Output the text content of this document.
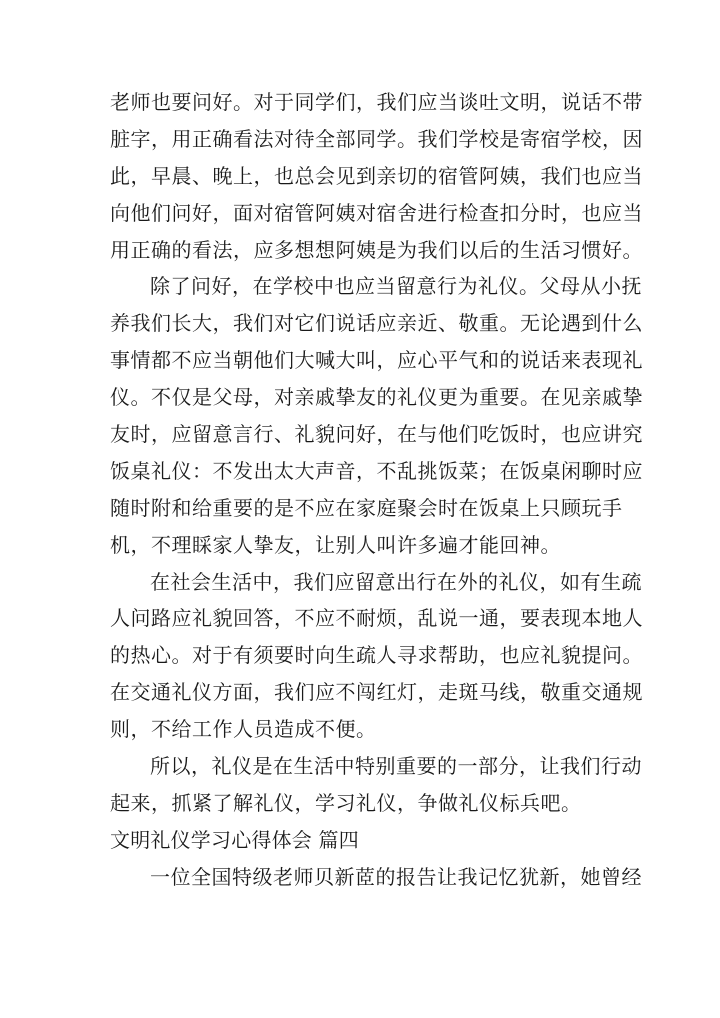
老师也要问好。对于同学们，我们应当谈吐文明，说话不带
脏字，用正确看法对待全部同学。我们学校是寄宿学校，因
此，早晨、晚上，也总会见到亲切的宿管阿姨，我们也应当
向他们问好，面对宿管阿姨对宿舍进行检查扣分时，也应当
用正确的看法，应多想想阿姨是为我们以后的生活习惯好。
除了问好，在学校中也应当留意行为礼仪。父母从小抚
养我们长大，我们对它们说话应亲近、敬重。无论遇到什么
事情都不应当朝他们大喊大叫，应心平气和的说话来表现礼
仪。不仅是父母，对亲戚挚友的礼仪更为重要。在见亲戚挚
友时，应留意言行、礼貌问好，在与他们吃饭时，也应讲究
饭桌礼仪：不发出太大声音，不乱挑饭菜；在饭桌闲聊时应
随时附和给重要的是不应在家庭聚会时在饭桌上只顾玩手
机，不理睬家人挚友，让别人叫许多遍才能回神。
在社会生活中，我们应留意出行在外的礼仪，如有生疏
人问路应礼貌回答，不应不耐烦，乱说一通，要表现本地人
的热心。对于有须要时向生疏人寻求帮助，也应礼貌提问。
在交通礼仪方面，我们应不闯红灯，走斑马线，敬重交通规
则，不给工作人员造成不便。
所以，礼仪是在生活中特别重要的一部分，让我们行动
起来，抓紧了解礼仪，学习礼仪，争做礼仪标兵吧。
文明礼仪学习心得体会 篇四
一位全国特级老师贝新茝的报告让我记忆犹新，她曾经
